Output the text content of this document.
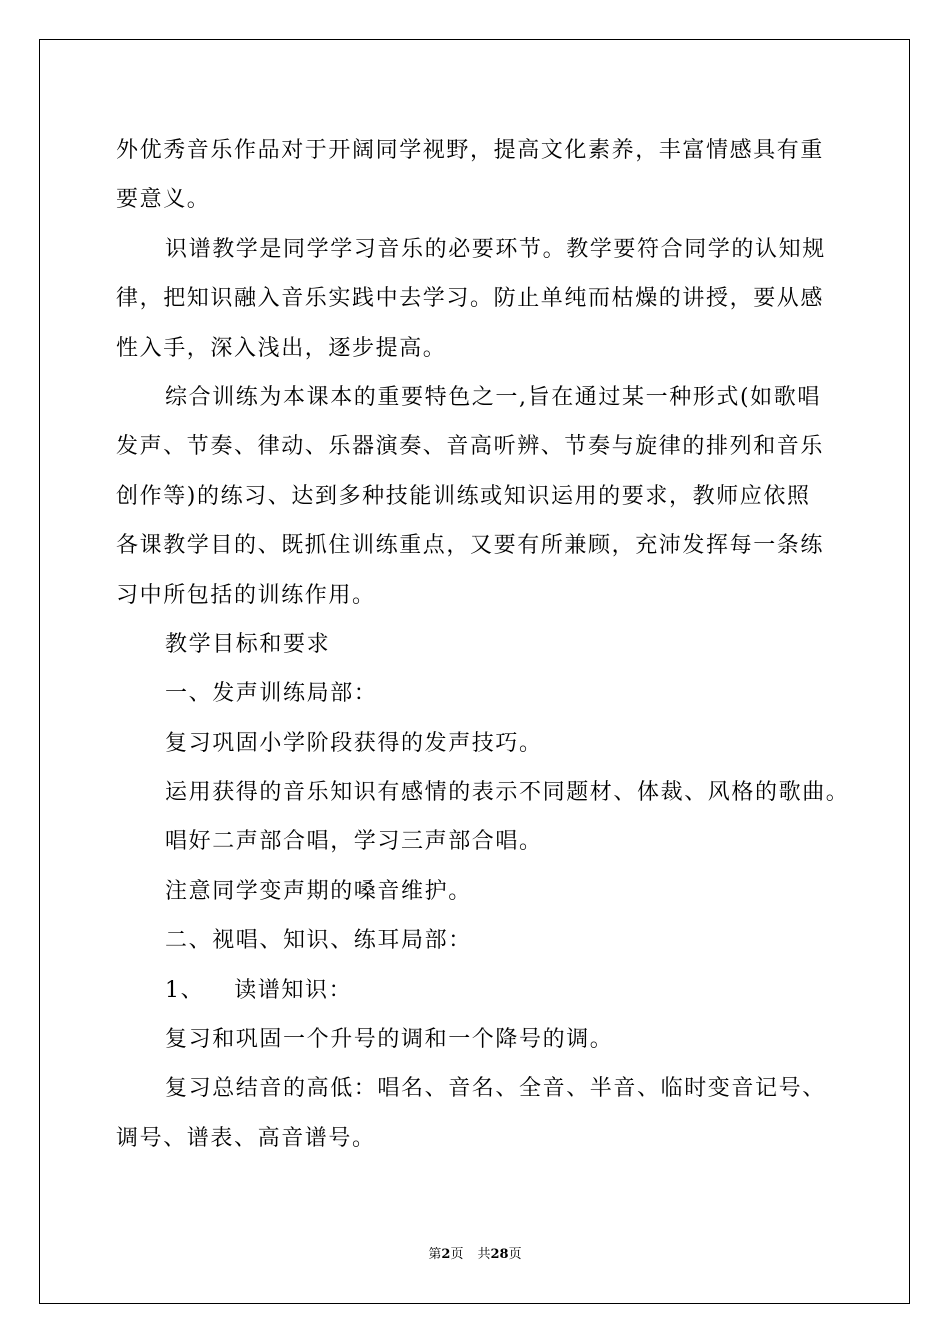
外优秀音乐作品对于开阔同学视野，提高文化素养，丰富情感具有重
要意义。
识谱教学是同学学习音乐的必要环节。教学要符合同学的认知规
律，把知识融入音乐实践中去学习。防止单纯而枯燥的讲授，要从感
性入手，深入浅出，逐步提高。
综合训练为本课本的重要特色之一,旨在通过某一种形式(如歌唱
发声、节奏、律动、乐器演奏、音高听辨、节奏与旋律的排列和音乐
创作等)的练习、达到多种技能训练或知识运用的要求，教师应依照
各课教学目的、既抓住训练重点，又要有所兼顾，充沛发挥每一条练
习中所包括的训练作用。
教学目标和要求
一、发声训练局部：
复习巩固小学阶段获得的发声技巧。
运用获得的音乐知识有感情的表示不同题材、体裁、风格的歌曲。
唱好二声部合唱，学习三声部合唱。
注意同学变声期的嗓音维护。
二、视唱、知识、练耳局部：
1、 读谱知识：
复习和巩固一个升号的调和一个降号的调。
复习总结音的高低：唱名、音名、全音、半音、临时变音记号、
调号、谱表、高音谱号。
第2页 共28页
